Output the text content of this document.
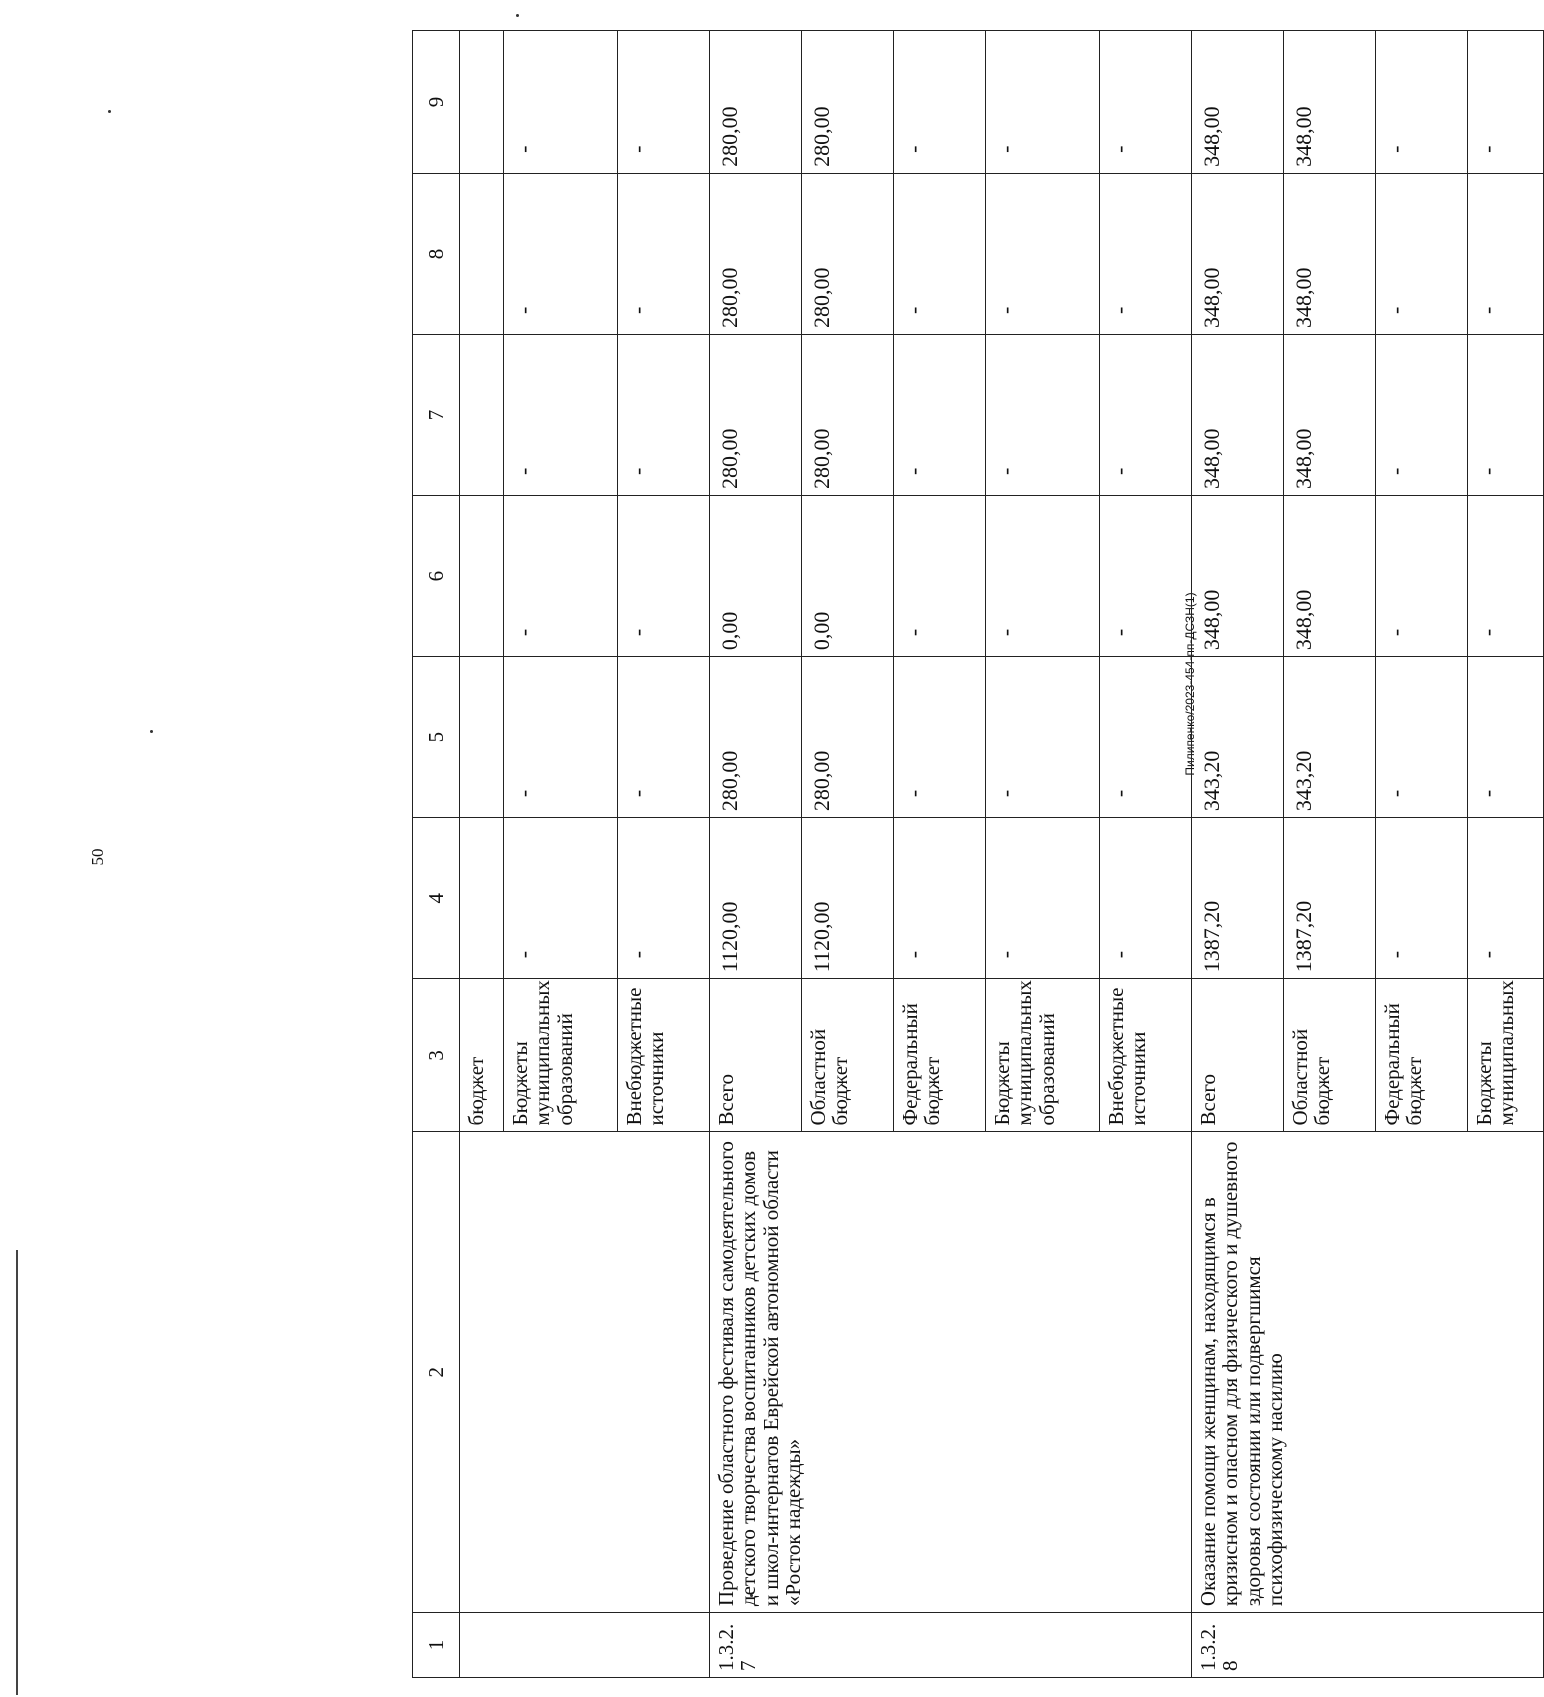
50
Пилипенко/2023-454-пп-ДСЗН(1)
1	2	3	4	5	6	7	8	9
		бюджет						
		Бюджеты муниципальных образований	-	-	-	-	-	-
		Внебюджетные источники	-	-	-	-	-	-
1.3.2. 7	Проведение областного фестиваля самодеятельного детского творчества воспитанников детских домов и школ-интернатов Еврейской автономной области «Росток надежды»	Всего	1120,00	280,00	0,00	280,00	280,00	280,00
		Областной бюджет	1120,00	280,00	0,00	280,00	280,00	280,00
		Федеральный бюджет	-	-	-	-	-	-
		Бюджеты муниципальных образований	-	-	-	-	-	-
		Внебюджетные источники	-	-	-	-	-	-
1.3.2. 8	Оказание помощи женщинам, находящимся в кризисном и опасном для физического и душевного здоровья состоянии или подвергшимся психофизическому насилию	Всего	1387,20	343,20	348,00	348,00	348,00	348,00
		Областной бюджет	1387,20	343,20	348,00	348,00	348,00	348,00
		Федеральный бюджет	-	-	-	-	-	-
		Бюджеты муниципальных	-	-	-	-	-	-
